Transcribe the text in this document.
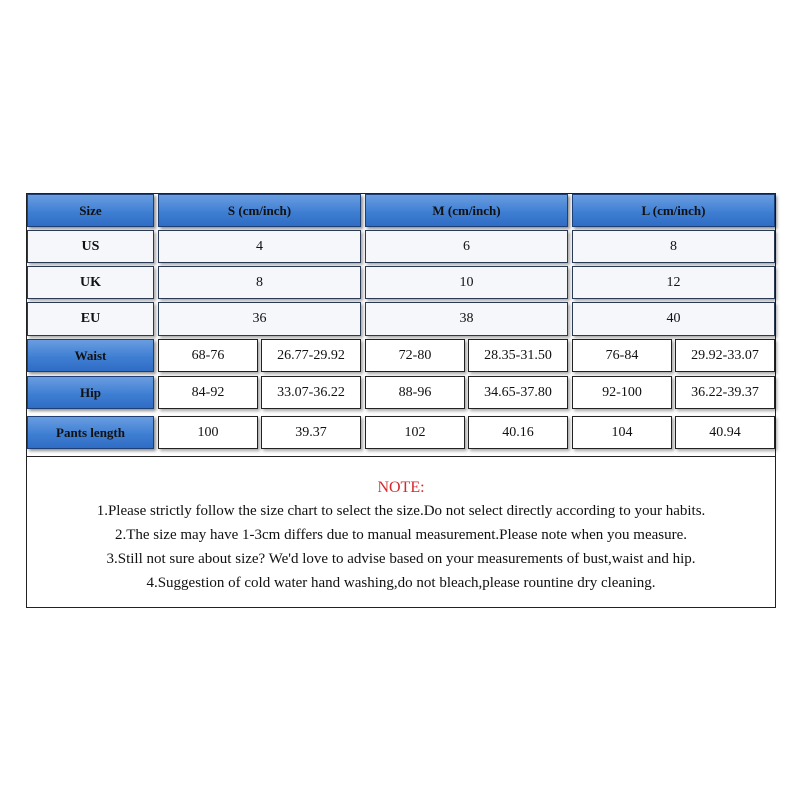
Size	S (cm/inch)	M (cm/inch)	L (cm/inch)
US	4	6	8
UK	8	10	12
EU	36	38	40
Waist	68-76	26.77-29.92	72-80	28.35-31.50	76-84	29.92-33.07
Hip	84-92	33.07-36.22	88-96	34.65-37.80	92-100	36.22-39.37
Pants length	100	39.37	102	40.16	104	40.94
NOTE:
1.Please strictly follow the size chart to select the size.Do not select directly according to your habits.
2.The size may have 1-3cm differs due to manual measurement.Please note when you measure.
3.Still not sure about size? We'd love to advise based on your measurements of bust,waist and hip.
4.Suggestion of cold water hand washing,do not bleach,please rountine dry cleaning.
